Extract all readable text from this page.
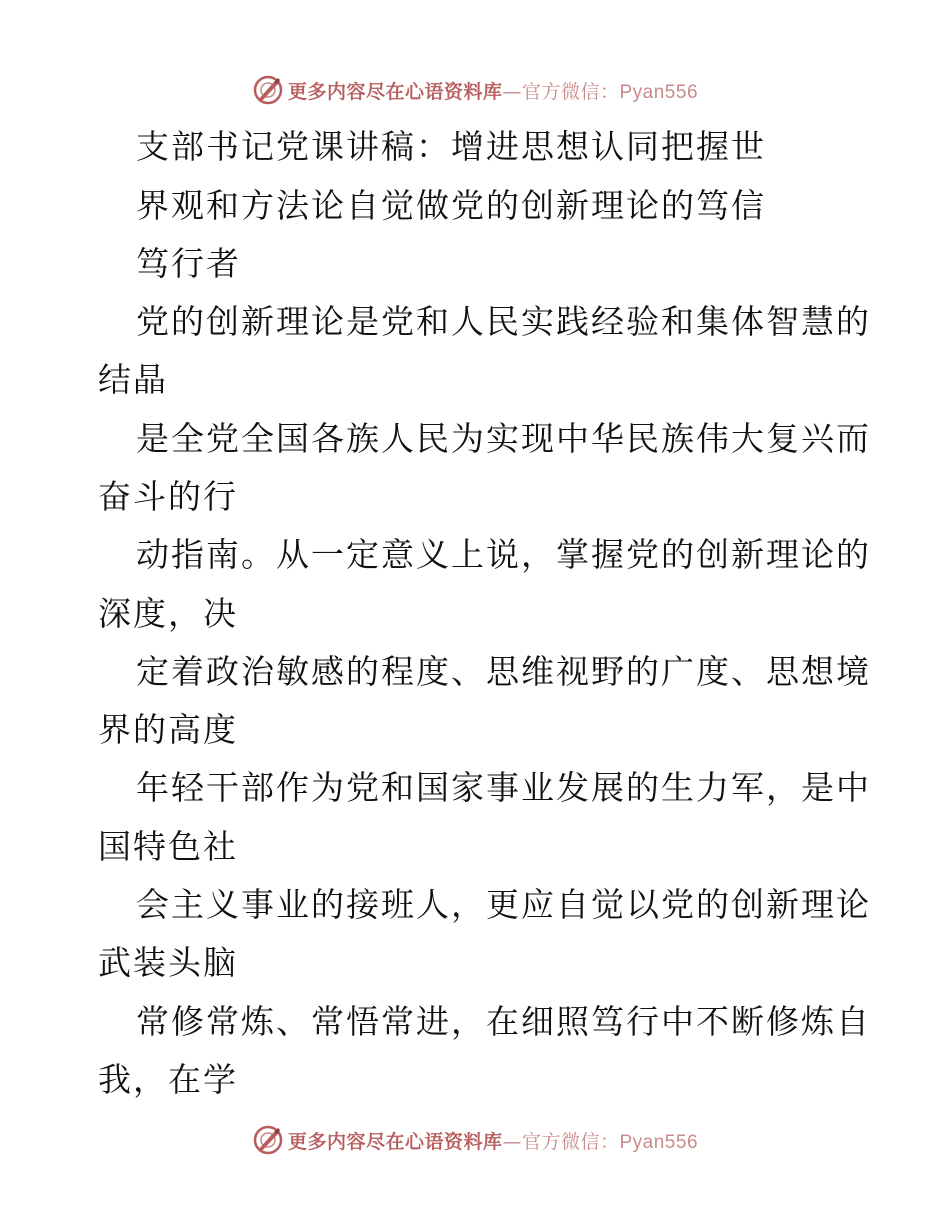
更多内容尽在心语资料库—官方微信：Pyan556
支部书记党课讲稿：增进思想认同把握世
界观和方法论自觉做党的创新理论的笃信
笃行者
党的创新理论是党和人民实践经验和集体智慧的
结晶
是全党全国各族人民为实现中华民族伟大复兴而
奋斗的行
动指南。从一定意义上说，掌握党的创新理论的
深度，决
定着政治敏感的程度、思维视野的广度、思想境
界的高度
年轻干部作为党和国家事业发展的生力军，是中
国特色社
会主义事业的接班人，更应自觉以党的创新理论
武装头脑
常修常炼、常悟常进，在细照笃行中不断修炼自
我，在学
更多内容尽在心语资料库—官方微信：Pyan556
